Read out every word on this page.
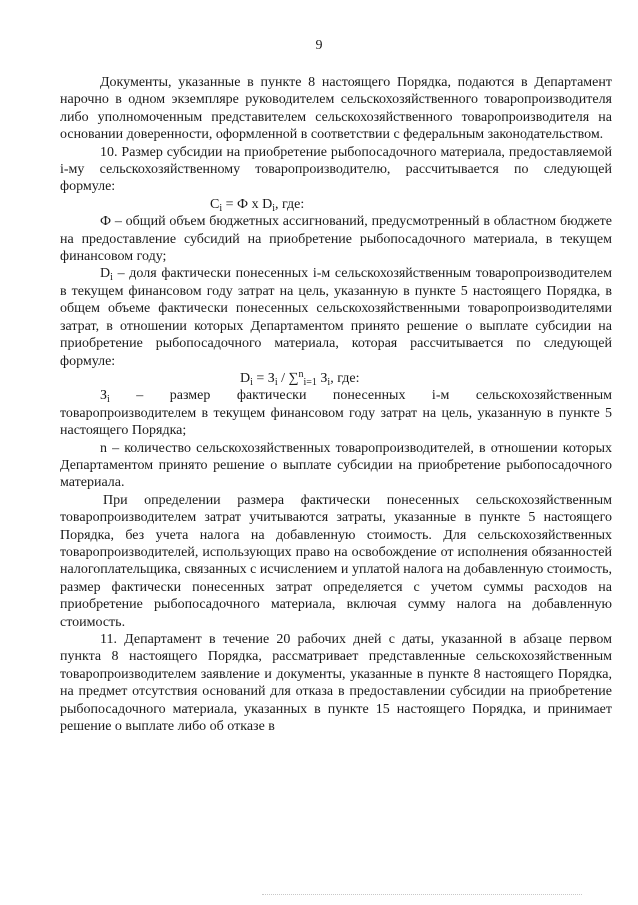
9

Документы, указанные в пункте 8 настоящего Порядка, подаются в Департамент нарочно в одном экземпляре руководителем сельскохозяйственного товаропроизводителя либо уполномоченным представителем сельскохозяйственного товаропроизводителя на основании доверенности, оформленной в соответствии с федеральным законодательством.

10. Размер субсидии на приобретение рыбопосадочного материала, предоставляемой i-му сельскохозяйственному товаропроизводителю, рассчитывается по следующей формуле:

$C_i = Ф$ х $D_i$, где:

Ф – общий объем бюджетных ассигнований, предусмотренный в областном бюджете на предоставление субсидий на приобретение рыбопосадочного материала, в текущем финансовом году;

$D_i$ – доля фактически понесенных i-м сельскохозяйственным товаропроизводителем в текущем финансовом году затрат на цель, указанную в пункте 5 настоящего Порядка, в общем объеме фактически понесенных сельскохозяйственными товаропроизводителями затрат, в отношении которых Департаментом принято решение о выплате субсидии на приобретение рыбопосадочного материала, которая рассчитывается по следующей формуле:

$D_i = З_i / \sum^n_{i=1}$ $З_i$, где:

$З_i$ – размер фактически понесенных i-м сельскохозяйственным товаропроизводителем в текущем финансовом году затрат на цель, указанную в пункте 5 настоящего Порядка;

n – количество сельскохозяйственных товаропроизводителей, в отношении которых Департаментом принято решение о выплате субсидии на приобретение рыбопосадочного материала.

При определении размера фактически понесенных сельскохозяйственным товаропроизводителем затрат учитываются затраты, указанные в пункте 5 настоящего Порядка, без учета налога на добавленную стоимость. Для сельскохозяйственных товаропроизводителей, использующих право на освобождение от исполнения обязанностей налогоплательщика, связанных с исчислением и уплатой налога на добавленную стоимость, размер фактически понесенных затрат определяется с учетом суммы расходов на приобретение рыбопосадочного материала, включая сумму налога на добавленную стоимость.

11. Департамент в течение 20 рабочих дней с даты, указанной в абзаце первом пункта 8 настоящего Порядка, рассматривает представленные сельскохозяйственным товаропроизводителем заявление и документы, указанные в пункте 8 настоящего Порядка, на предмет отсутствия оснований для отказа в предоставлении субсидии на приобретение рыбопосадочного материала, указанных в пункте 15 настоящего Порядка, и принимает решение о выплате либо об отказе в
